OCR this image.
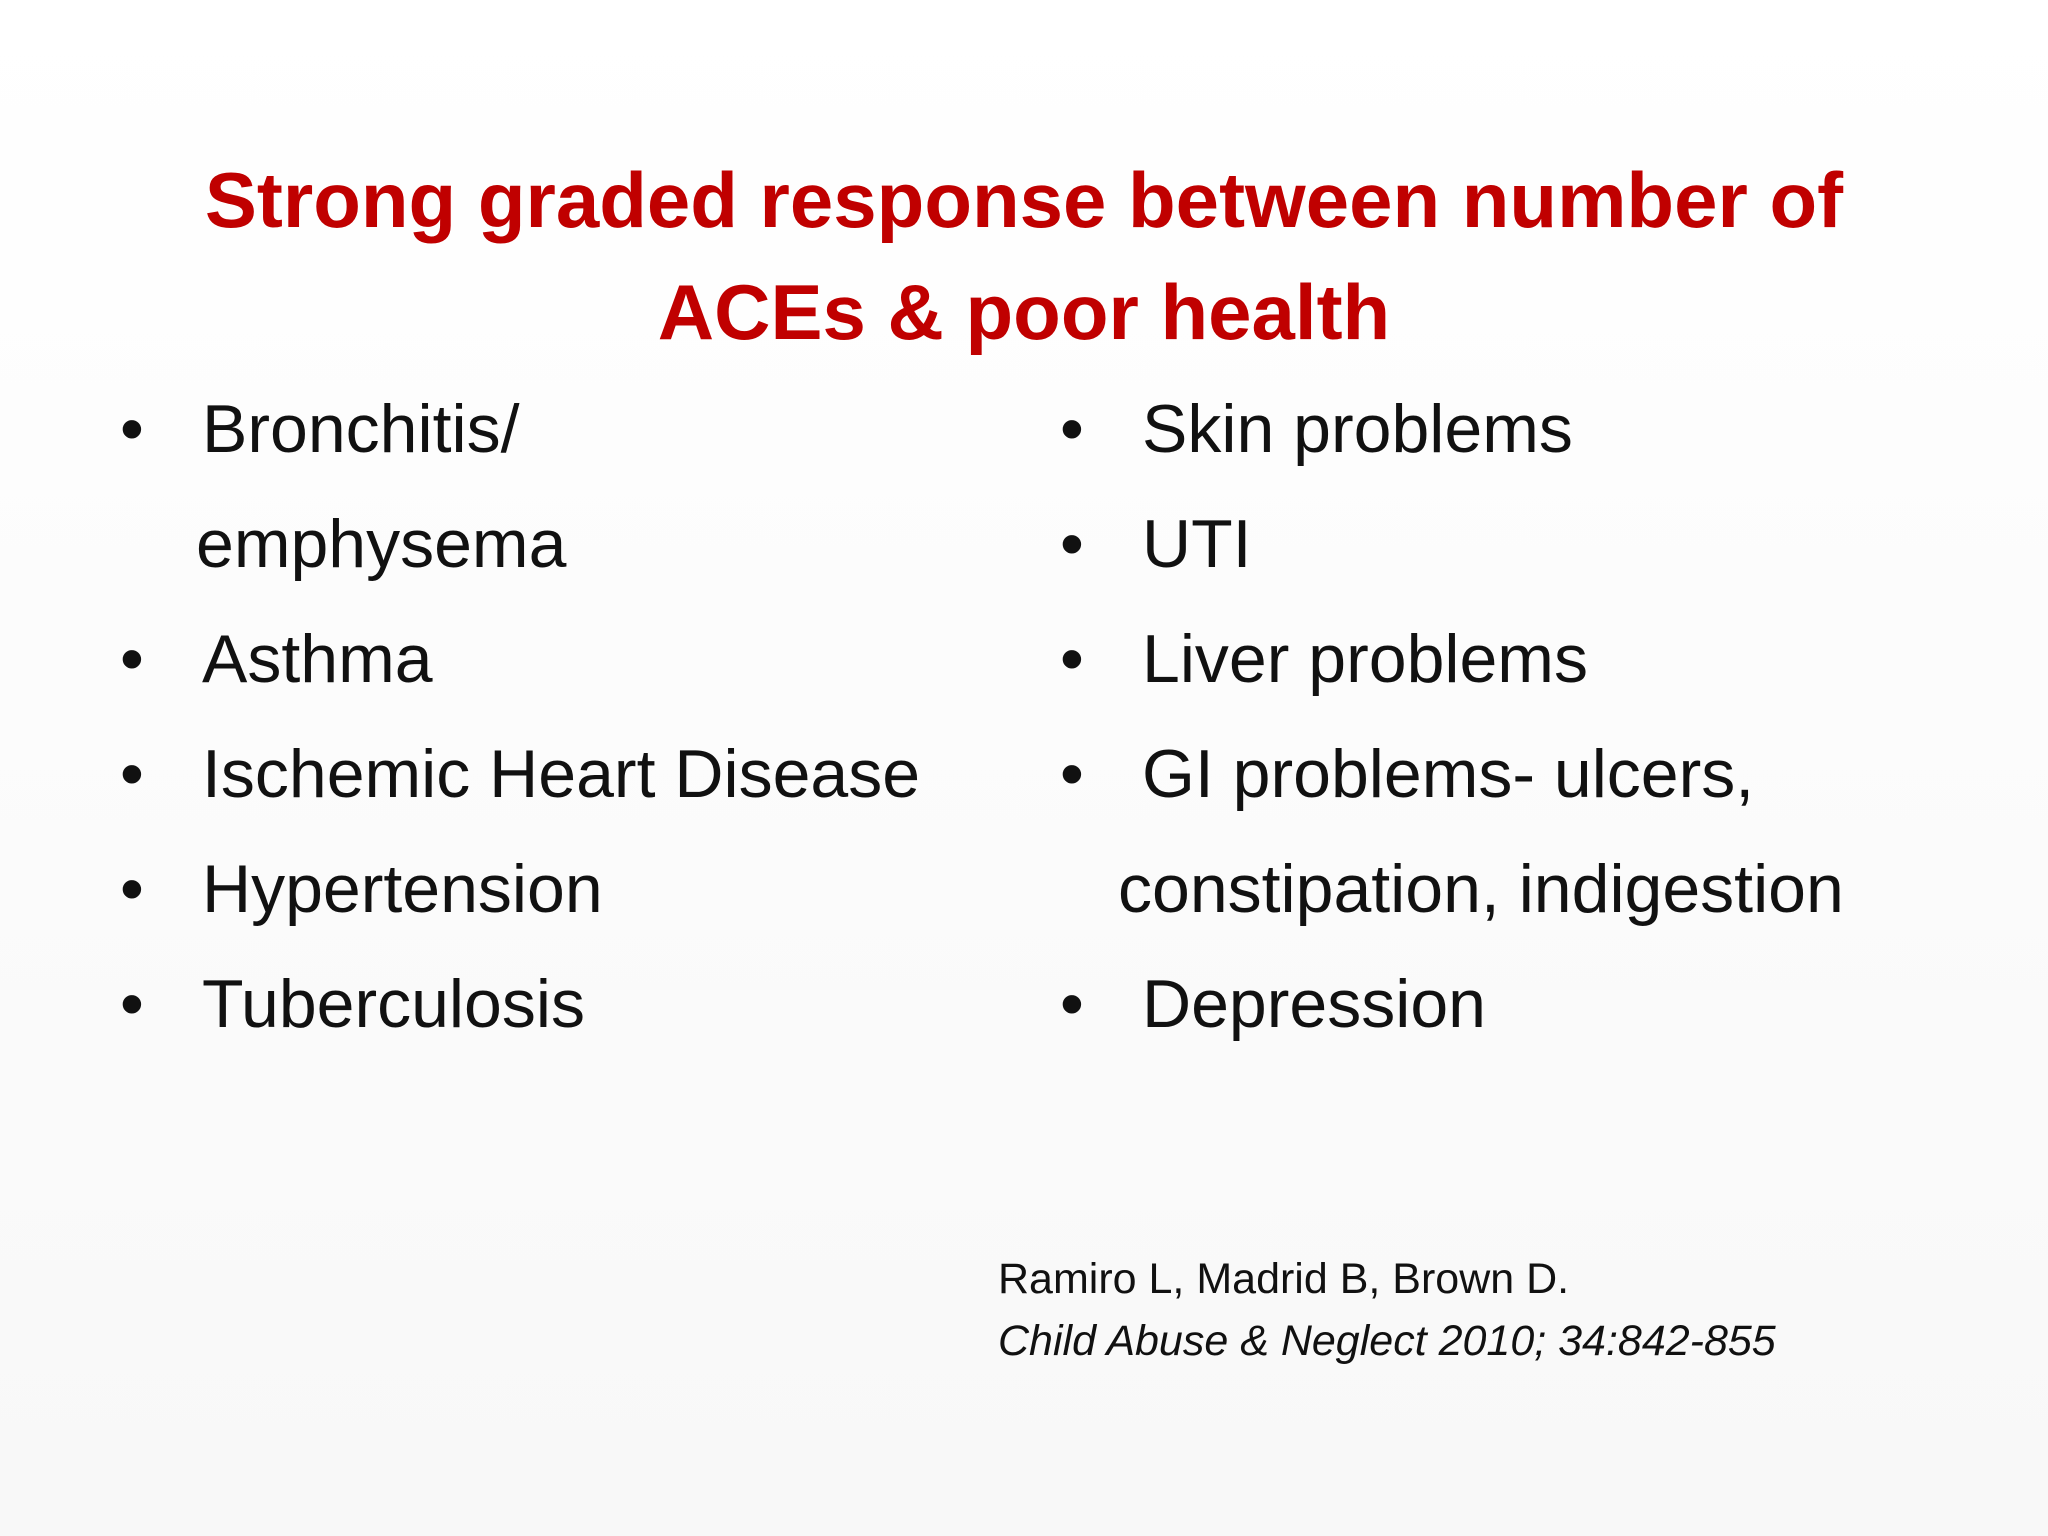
Strong graded response between number of
ACEs & poor health
• Bronchitis/
emphysema
• Asthma
• Ischemic Heart Disease
• Hypertension
• Tuberculosis
• Skin problems
• UTI
• Liver problems
• GI problems- ulcers,
constipation, indigestion
• Depression
Ramiro L, Madrid B, Brown D.
Child Abuse & Neglect 2010; 34:842-855
